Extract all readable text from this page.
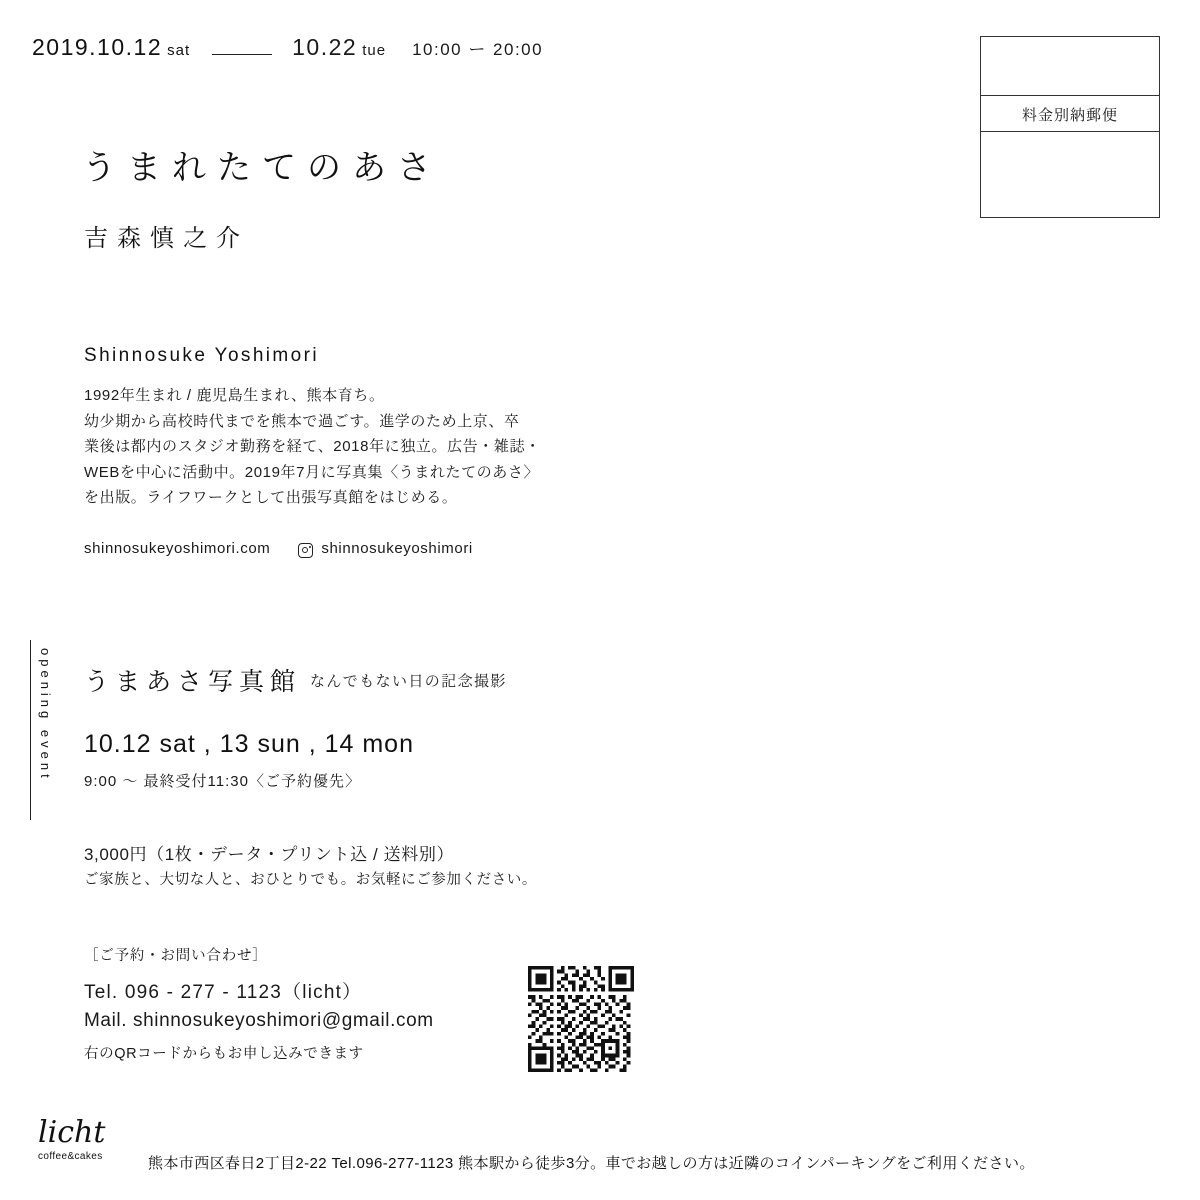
2019.10.12 sat	10.22 tue 10:00 ー 20:00
料金別納郵便
うまれたてのあさ
吉森慎之介
Shinnosuke Yoshimori
1992年生まれ / 鹿児島生まれ、熊本育ち。
幼少期から高校時代までを熊本で過ごす。進学のため上京、卒
業後は都内のスタジオ勤務を経て、2018年に独立。広告・雑誌・
WEBを中心に活動中。2019年7月に写真集〈うまれたてのあさ〉
を出版。ライフワークとして出張写真館をはじめる。
shinnosukeyoshimori.com	shinnosukeyoshimori
opening event うまあさ写真館 なんでもない日の記念撮影
10.12 sat , 13 sun , 14 mon
9:00 〜 最終受付11:30〈ご予約優先〉
3,000円（1枚・データ・プリント込 / 送料別）
ご家族と、大切な人と、おひとりでも。お気軽にご参加ください。
［ご予約・お問い合わせ］
Tel. 096 - 277 - 1123（licht）
Mail. shinnosukeyoshimori@gmail.com
右のQRコードからもお申し込みできます
licht
coffee&cakes	熊本市西区春日2丁目2-22 Tel.096-277-1123 熊本駅から徒歩3分。車でお越しの方は近隣のコインパーキングをご利用ください。
